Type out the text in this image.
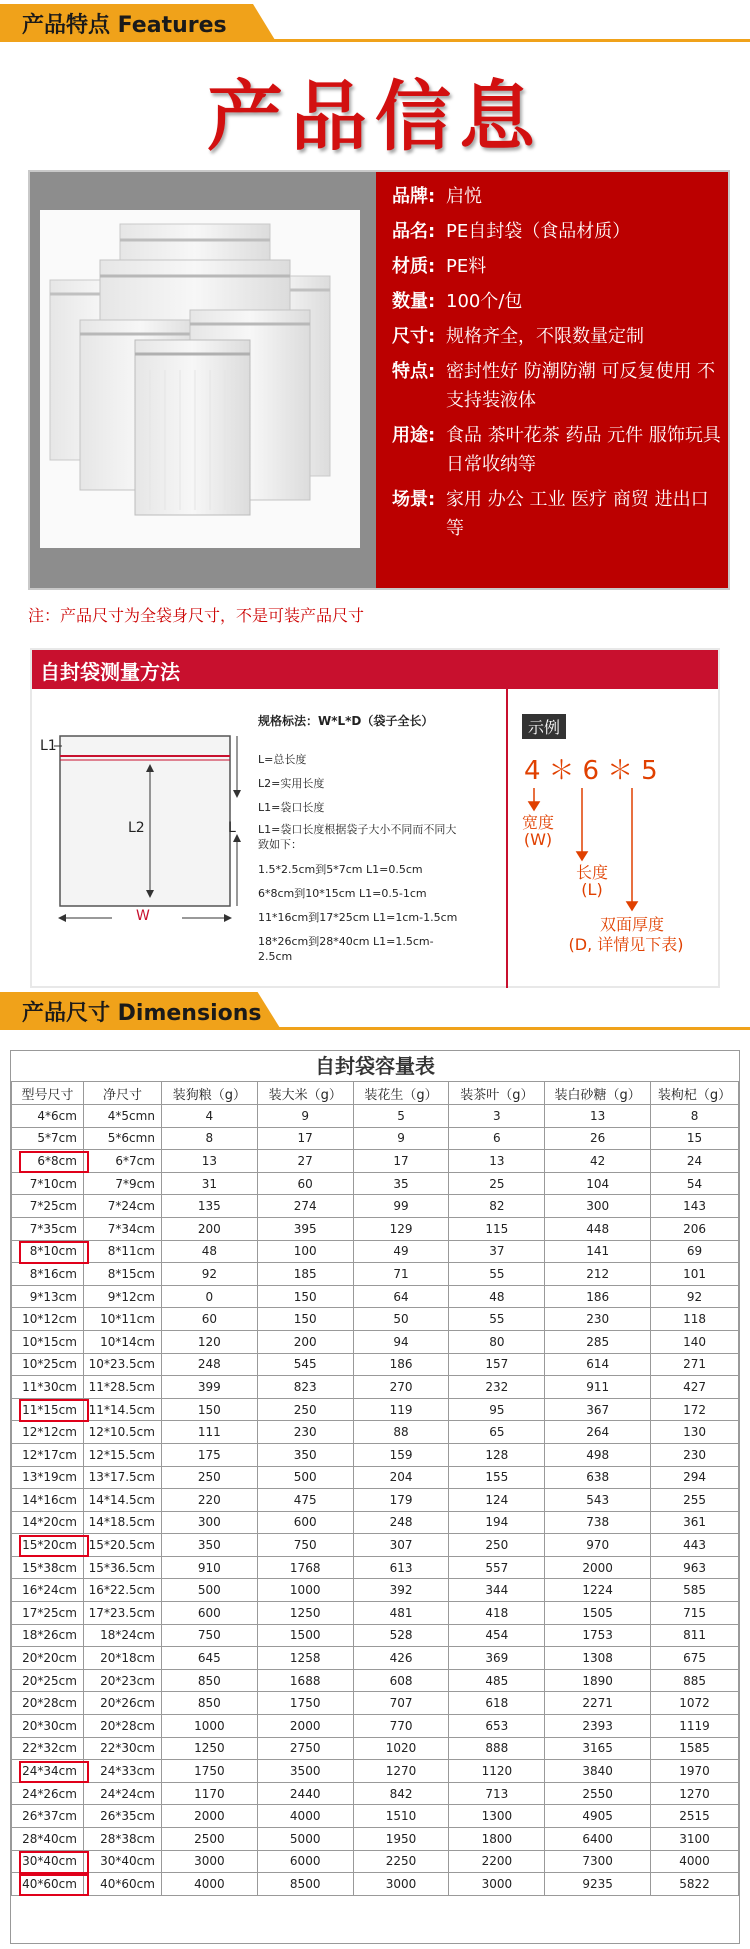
产品特点 Features
产品信息
品牌: 启悦
品名: PE自封袋（食品材质）
材质: PE料
数量: 100个/包
尺寸: 规格齐全，不限数量定制
特点: 密封性好 防潮防潮 可反复使用 不支持装液体
用途: 食品 茶叶花茶 药品 元件 服饰玩具 日常收纳等
场景: 家用 办公 工业 医疗 商贸 进出口等
注：产品尺寸为全袋身尺寸，不是可装产品尺寸
自封袋测量方法
L1
L2	L
W
规格标法：W*L*D（袋子全长）
L=总长度
L2=实用长度
L1=袋口长度
L1=袋口长度根据袋子大小不同而不同大致如下：
1.5*2.5cm到5*7cm L1=0.5cm
6*8cm到10*15cm L1=0.5-1cm
11*16cm到17*25cm L1=1cm-1.5cm
18*26cm到28*40cm L1=1.5cm-2.5cm
示例
4＊6＊5
宽度
(W)
长度
(L)
双面厚度
(D, 详情见下表)
产品尺寸 Dimensions
自封袋容量表
型号尺寸	净尺寸	装狗粮（g）	装大米（g）	装花生（g）	装茶叶（g）	装白砂糖（g）	装枸杞（g）
4*6cm	4*5cmn	4	9	5	3	13	8
5*7cm	5*6cmn	8	17	9	6	26	15
6*8cm	6*7cm	13	27	17	13	42	24
7*10cm	7*9cm	31	60	35	25	104	54
7*25cm	7*24cm	135	274	99	82	300	143
7*35cm	7*34cm	200	395	129	115	448	206
8*10cm	8*11cm	48	100	49	37	141	69
8*16cm	8*15cm	92	185	71	55	212	101
9*13cm	9*12cm	0	150	64	48	186	92
10*12cm	10*11cm	60	150	50	55	230	118
10*15cm	10*14cm	120	200	94	80	285	140
10*25cm	10*23.5cm	248	545	186	157	614	271
11*30cm	11*28.5cm	399	823	270	232	911	427
11*15cm	11*14.5cm	150	250	119	95	367	172
12*12cm	12*10.5cm	111	230	88	65	264	130
12*17cm	12*15.5cm	175	350	159	128	498	230
13*19cm	13*17.5cm	250	500	204	155	638	294
14*16cm	14*14.5cm	220	475	179	124	543	255
14*20cm	14*18.5cm	300	600	248	194	738	361
15*20cm	15*20.5cm	350	750	307	250	970	443
15*38cm	15*36.5cm	910	1768	613	557	2000	963
16*24cm	16*22.5cm	500	1000	392	344	1224	585
17*25cm	17*23.5cm	600	1250	481	418	1505	715
18*26cm	18*24cm	750	1500	528	454	1753	811
20*20cm	20*18cm	645	1258	426	369	1308	675
20*25cm	20*23cm	850	1688	608	485	1890	885
20*28cm	20*26cm	850	1750	707	618	2271	1072
20*30cm	20*28cm	1000	2000	770	653	2393	1119
22*32cm	22*30cm	1250	2750	1020	888	3165	1585
24*34cm	24*33cm	1750	3500	1270	1120	3840	1970
24*26cm	24*24cm	1170	2440	842	713	2550	1270
26*37cm	26*35cm	2000	4000	1510	1300	4905	2515
28*40cm	28*38cm	2500	5000	1950	1800	6400	3100
30*40cm	30*40cm	3000	6000	2250	2200	7300	4000
40*60cm	40*60cm	4000	8500	3000	3000	9235	5822
